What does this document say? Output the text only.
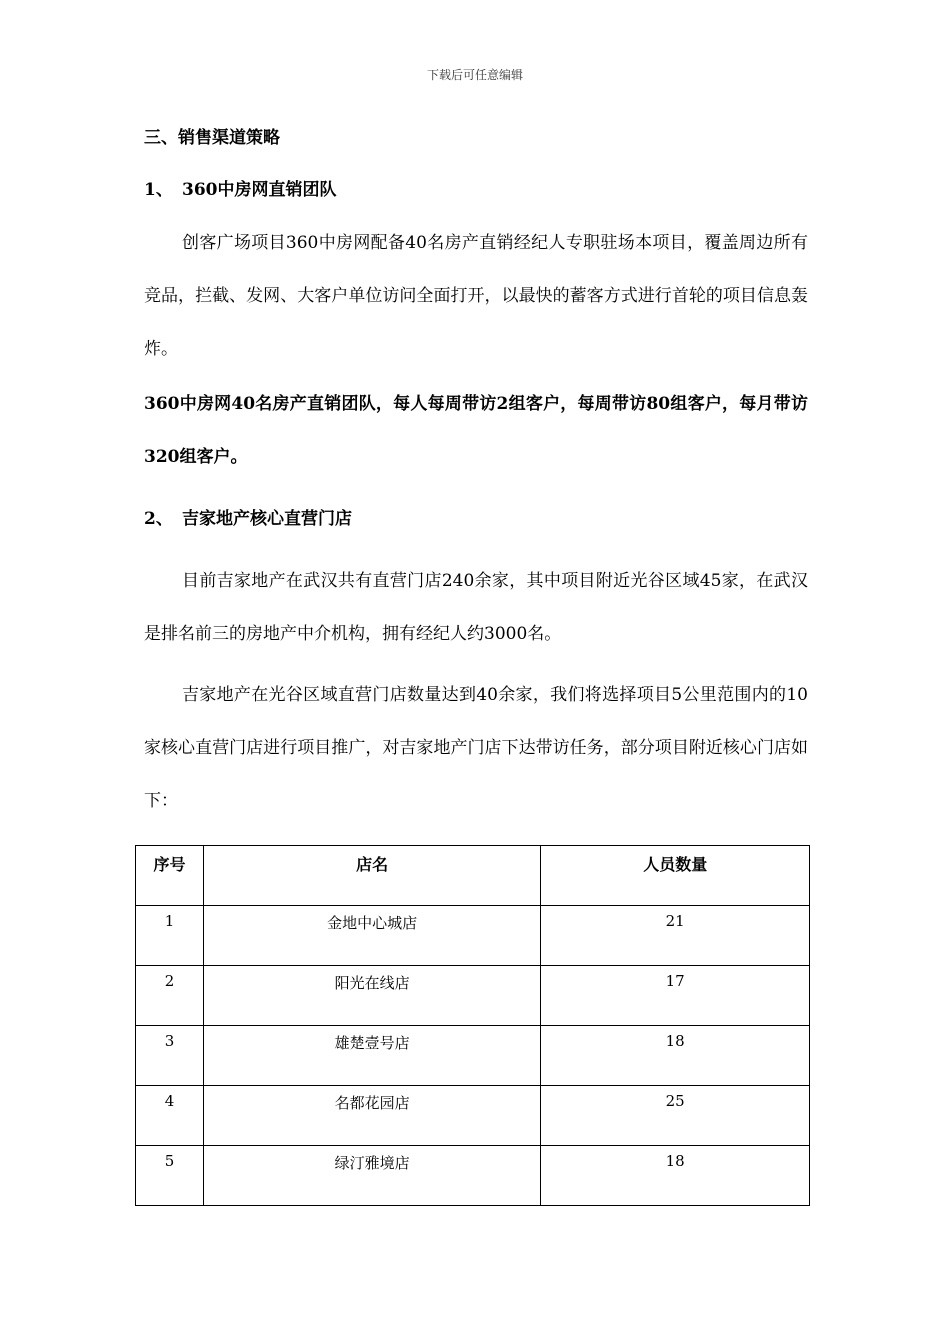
下载后可任意编辑
三、销售渠道策略
1、 360中房网直销团队
创客广场项目360中房网配备40名房产直销经纪人专职驻场本项目，覆盖周边所有竞品，拦截、发网、大客户单位访问全面打开，以最快的蓄客方式进行首轮的项目信息轰炸。
360中房网40名房产直销团队，每人每周带访2组客户，每周带访80组客户，每月带访320组客户。
2、 吉家地产核心直营门店
目前吉家地产在武汉共有直营门店240余家，其中项目附近光谷区域45家，在武汉是排名前三的房地产中介机构，拥有经纪人约3000名。
吉家地产在光谷区域直营门店数量达到40余家，我们将选择项目5公里范围内的10家核心直营门店进行项目推广，对吉家地产门店下达带访任务，部分项目附近核心门店如下：
序号	店名	人员数量
1	金地中心城店	21
2	阳光在线店	17
3	雄楚壹号店	18
4	名都花园店	25
5	绿汀雅境店	18
